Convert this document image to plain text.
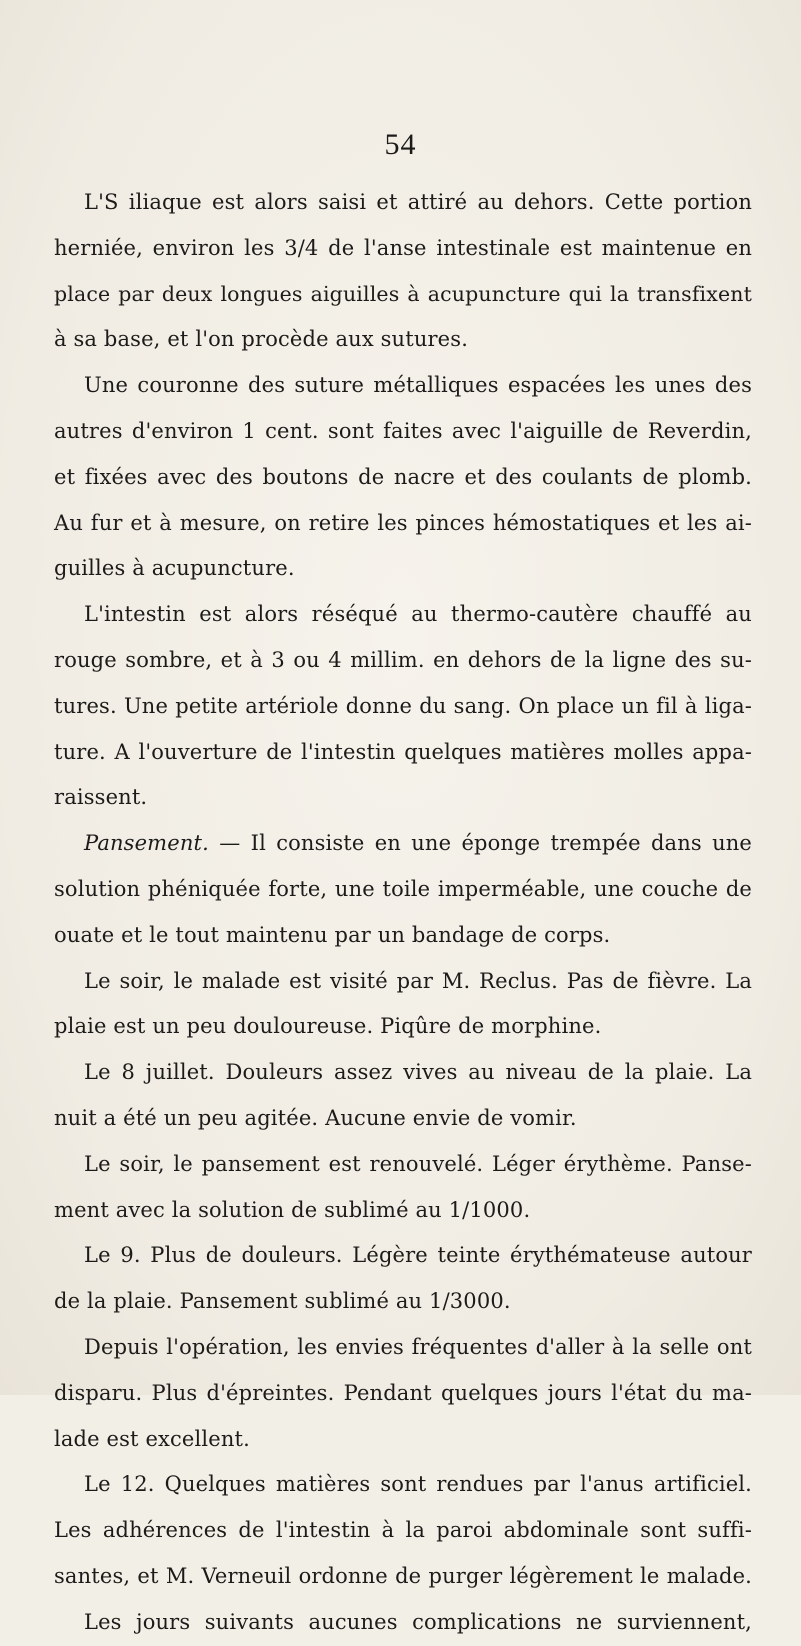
54
L'S iliaque est alors saisi et attiré au dehors. Cette portion
herniée, environ les 3/4 de l'anse intestinale est maintenue en
place par deux longues aiguilles à acupuncture qui la transfixent
à sa base, et l'on procède aux sutures.
Une couronne des suture métalliques espacées les unes des
autres d'environ 1 cent. sont faites avec l'aiguille de Reverdin,
et fixées avec des boutons de nacre et des coulants de plomb.
Au fur et à mesure, on retire les pinces hémostatiques et les ai-
guilles à acupuncture.
L'intestin est alors réséqué au thermo-cautère chauffé au
rouge sombre, et à 3 ou 4 millim. en dehors de la ligne des su-
tures. Une petite artériole donne du sang. On place un fil à liga-
ture. A l'ouverture de l'intestin quelques matières molles appa-
raissent.
Pansement. — Il consiste en une éponge trempée dans une
solution phéniquée forte, une toile imperméable, une couche de
ouate et le tout maintenu par un bandage de corps.
Le soir, le malade est visité par M. Reclus. Pas de fièvre. La
plaie est un peu douloureuse. Piqûre de morphine.
Le 8 juillet. Douleurs assez vives au niveau de la plaie. La
nuit a été un peu agitée. Aucune envie de vomir.
Le soir, le pansement est renouvelé. Léger érythème. Panse-
ment avec la solution de sublimé au 1/1000.
Le 9. Plus de douleurs. Légère teinte érythémateuse autour
de la plaie. Pansement sublimé au 1/3000.
Depuis l'opération, les envies fréquentes d'aller à la selle ont
disparu. Plus d'épreintes. Pendant quelques jours l'état du ma-
lade est excellent.
Le 12. Quelques matières sont rendues par l'anus artificiel.
Les adhérences de l'intestin à la paroi abdominale sont suffi-
santes, et M. Verneuil ordonne de purger légèrement le malade.
Les jours suivants aucunes complications ne surviennent,
